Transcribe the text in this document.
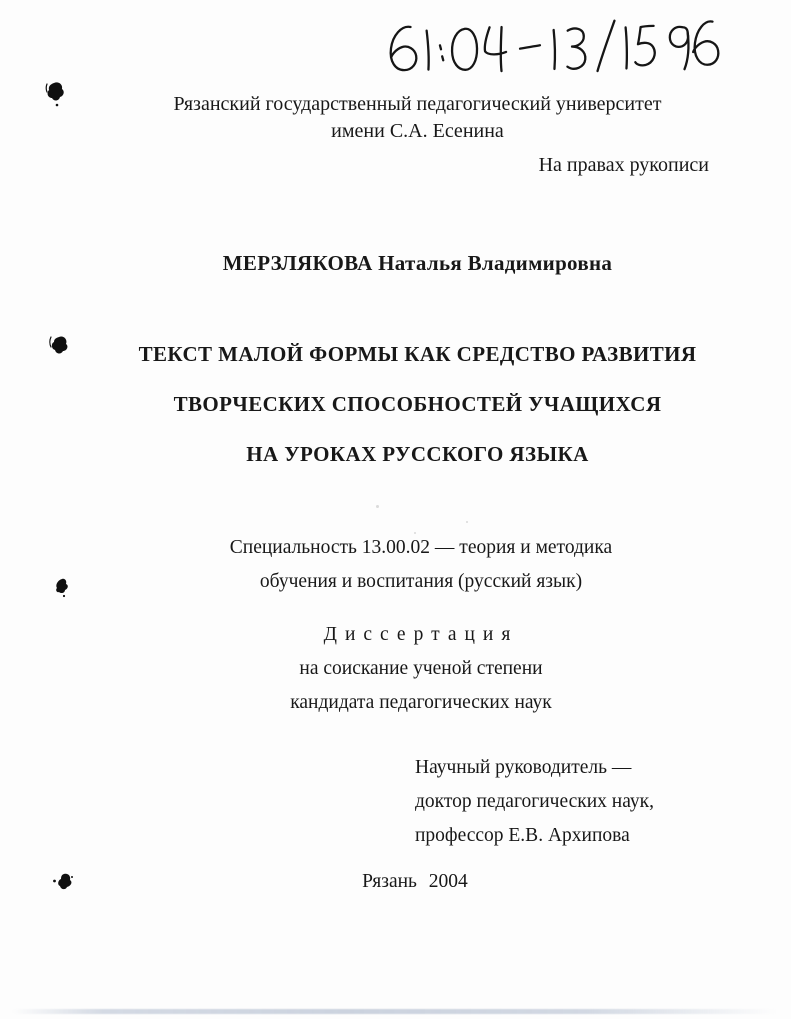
Рязанский государственный педагогический университет
имени С.А. Есенина
На правах рукописи
МЕРЗЛЯКОВА Наталья Владимировна
ТЕКСТ МАЛОЙ ФОРМЫ КАК СРЕДСТВО РАЗВИТИЯ
ТВОРЧЕСКИХ СПОСОБНОСТЕЙ УЧАЩИХСЯ
НА УРОКАХ РУССКОГО ЯЗЫКА
Специальность 13.00.02 — теория и методика
обучения и воспитания (русский язык)
Диссертация
на соискание ученой степени
кандидата педагогических наук
Научный руководитель —
доктор педагогических наук,
профессор Е.В. Архипова
Рязань 2004
